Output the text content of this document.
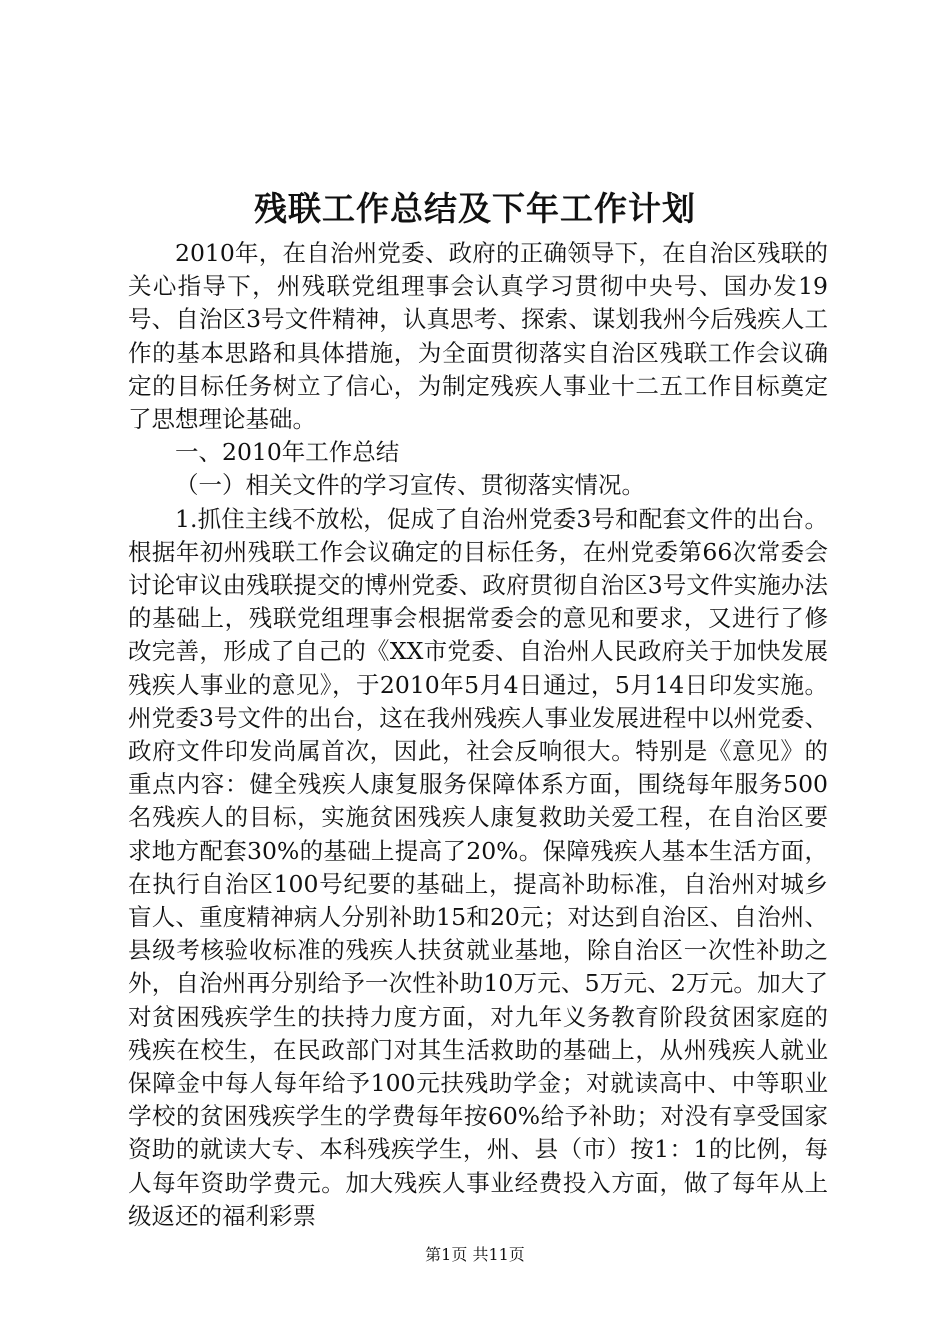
残联工作总结及下年工作计划

2010年，在自治州党委、政府的正确领导下，在自治区残联的关心指导下，州残联党组理事会认真学习贯彻中央号、国办发19号、自治区3号文件精神，认真思考、探索、谋划我州今后残疾人工作的基本思路和具体措施，为全面贯彻落实自治区残联工作会议确定的目标任务树立了信心，为制定残疾人事业十二五工作目标奠定了思想理论基础。

一、2010年工作总结

（一）相关文件的学习宣传、贯彻落实情况。

1.抓住主线不放松，促成了自治州党委3号和配套文件的出台。根据年初州残联工作会议确定的目标任务，在州党委第66次常委会讨论审议由残联提交的博州党委、政府贯彻自治区3号文件实施办法的基础上，残联党组理事会根据常委会的意见和要求，又进行了修改完善，形成了自己的《XX市党委、自治州人民政府关于加快发展残疾人事业的意见》，于2010年5月4日通过，5月14日印发实施。州党委3号文件的出台，这在我州残疾人事业发展进程中以州党委、政府文件印发尚属首次，因此，社会反响很大。特别是《意见》的重点内容：健全残疾人康复服务保障体系方面，围绕每年服务500名残疾人的目标，实施贫困残疾人康复救助关爱工程，在自治区要求地方配套30%的基础上提高了20%。保障残疾人基本生活方面，在执行自治区100号纪要的基础上，提高补助标准，自治州对城乡盲人、重度精神病人分别补助15和20元；对达到自治区、自治州、县级考核验收标准的残疾人扶贫就业基地，除自治区一次性补助之外，自治州再分别给予一次性补助10万元、5万元、2万元。加大了对贫困残疾学生的扶持力度方面，对九年义务教育阶段贫困家庭的残疾在校生，在民政部门对其生活救助的基础上，从州残疾人就业保障金中每人每年给予100元扶残助学金；对就读高中、中等职业学校的贫困残疾学生的学费每年按60%给予补助；对没有享受国家资助的就读大专、本科残疾学生，州、县（市）按1：1的比例，每人每年资助学费元。加大残疾人事业经费投入方面，做了每年从上级返还的福利彩票

第1页 共11页
